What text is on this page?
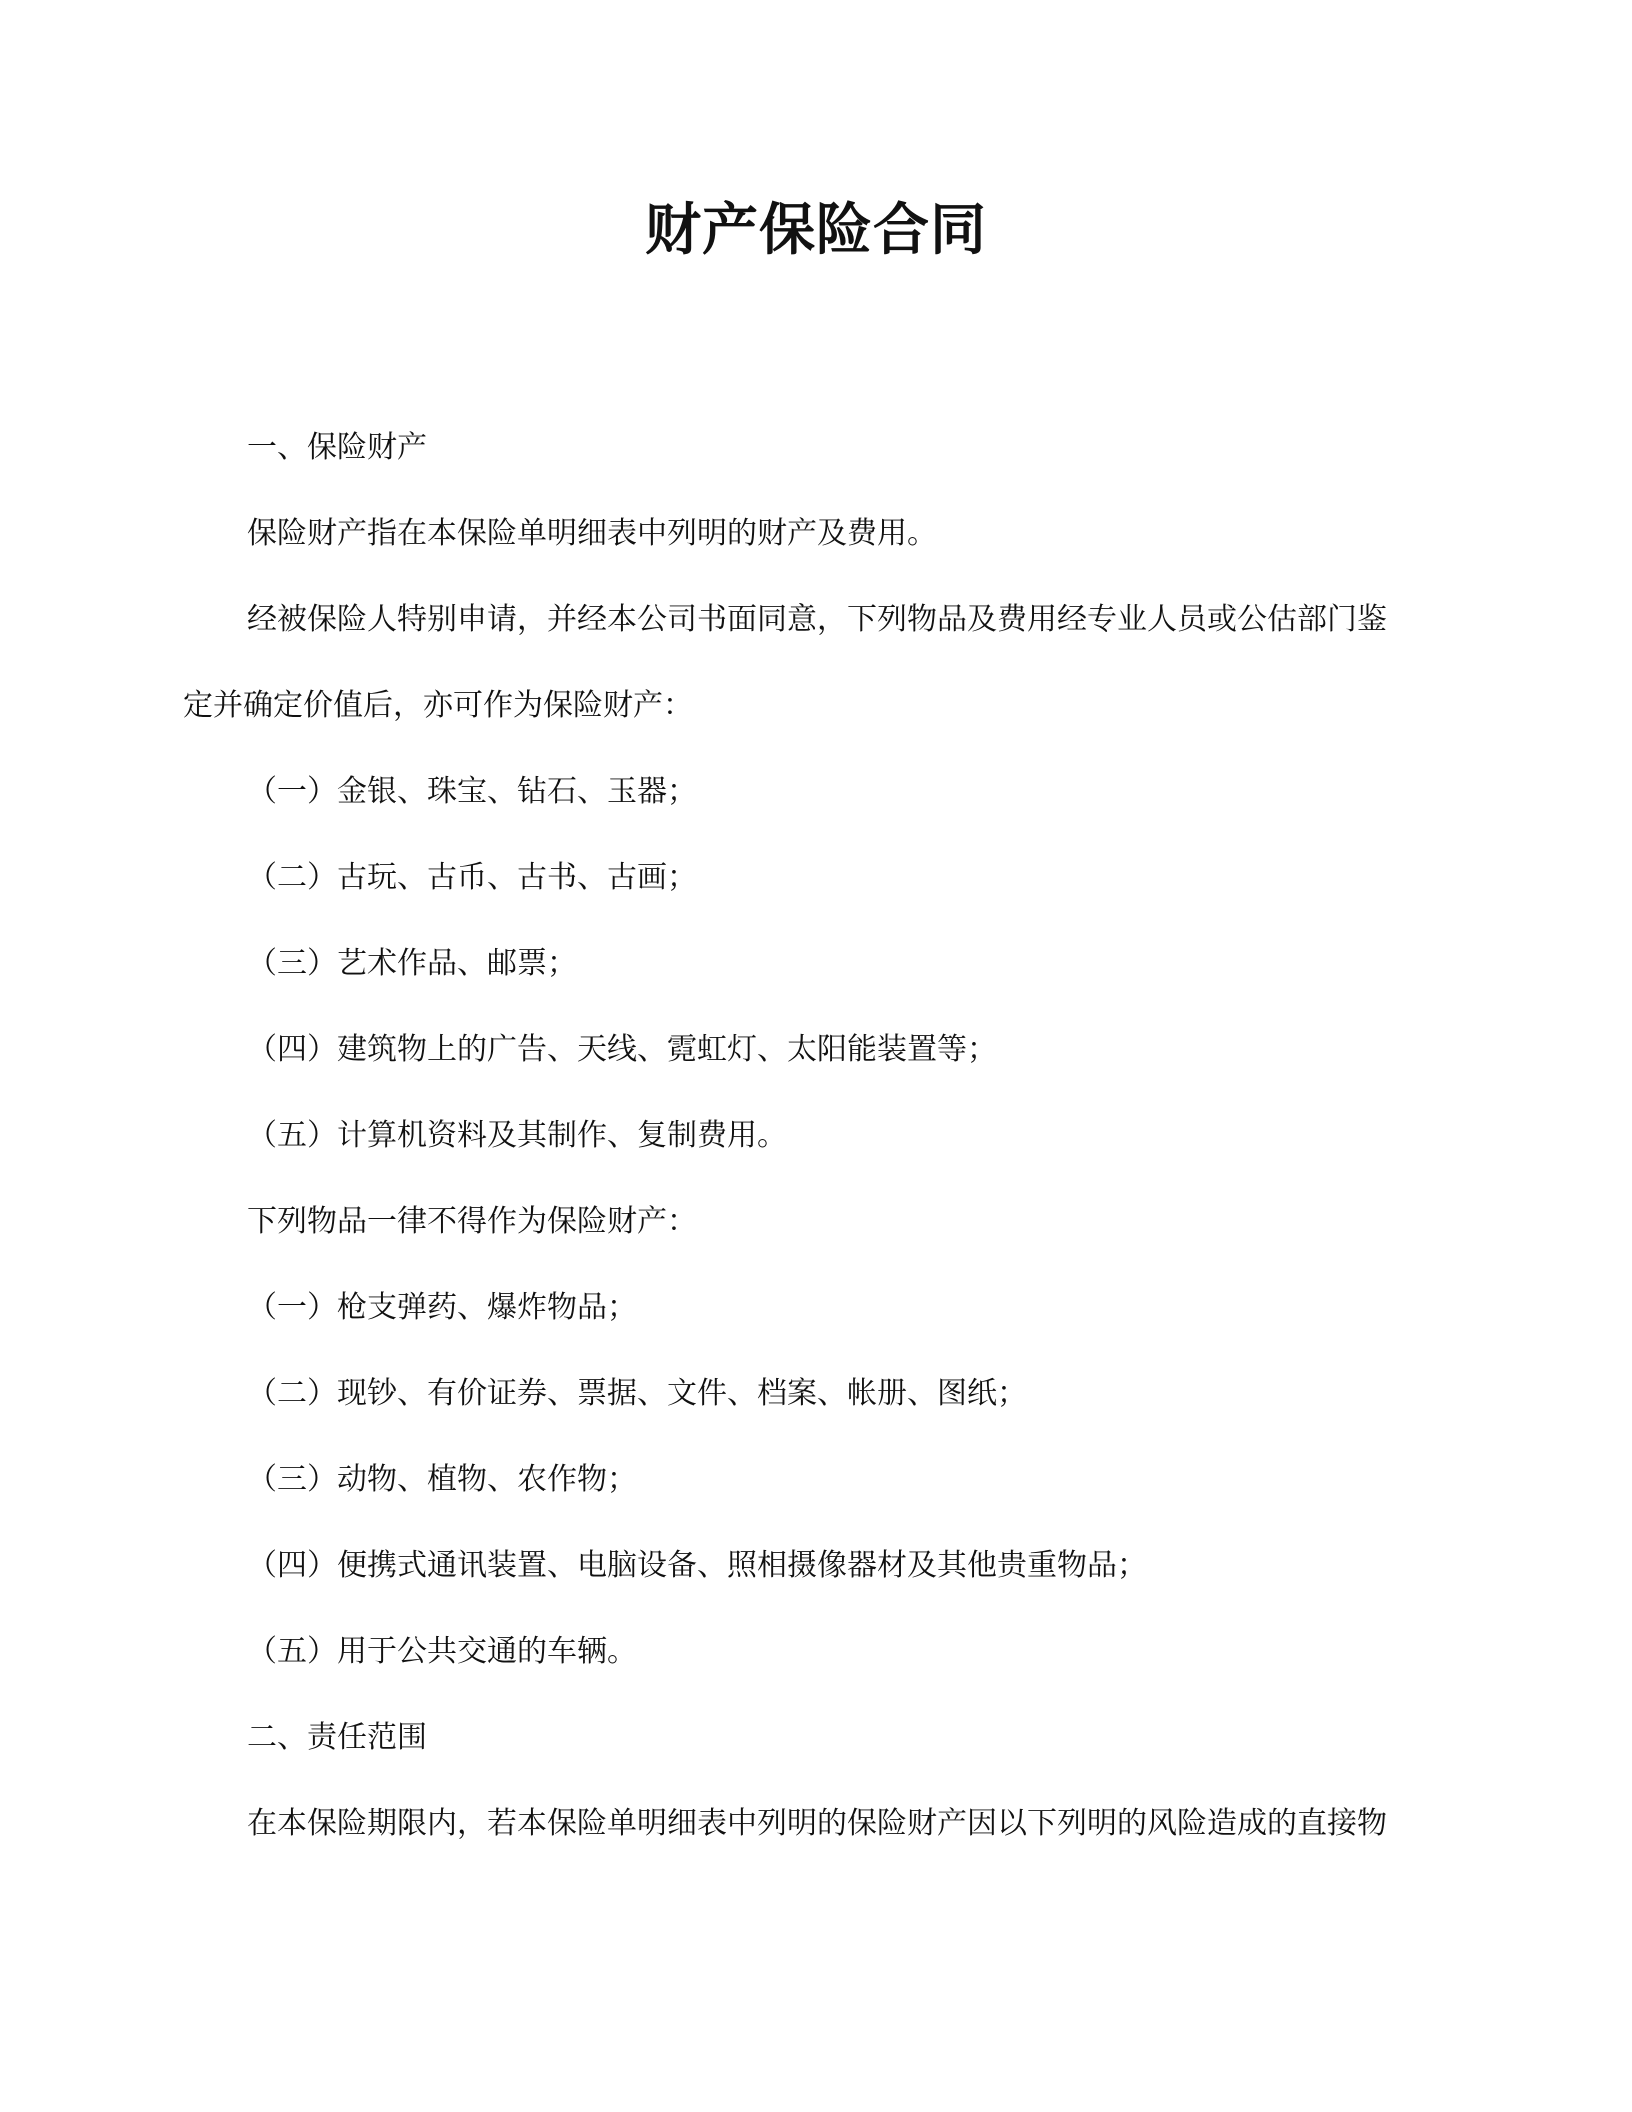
财产保险合同
一、保险财产
保险财产指在本保险单明细表中列明的财产及费用。
经被保险人特别申请，并经本公司书面同意，下列物品及费用经专业人员或公估部门鉴
定并确定价值后，亦可作为保险财产：
（一）金银、珠宝、钻石、玉器；
（二）古玩、古币、古书、古画；
（三）艺术作品、邮票；
（四）建筑物上的广告、天线、霓虹灯、太阳能装置等；
（五）计算机资料及其制作、复制费用。
下列物品一律不得作为保险财产：
（一）枪支弹药、爆炸物品；
（二）现钞、有价证券、票据、文件、档案、帐册、图纸；
（三）动物、植物、农作物；
（四）便携式通讯装置、电脑设备、照相摄像器材及其他贵重物品；
（五）用于公共交通的车辆。
二、责任范围
在本保险期限内，若本保险单明细表中列明的保险财产因以下列明的风险造成的直接物
